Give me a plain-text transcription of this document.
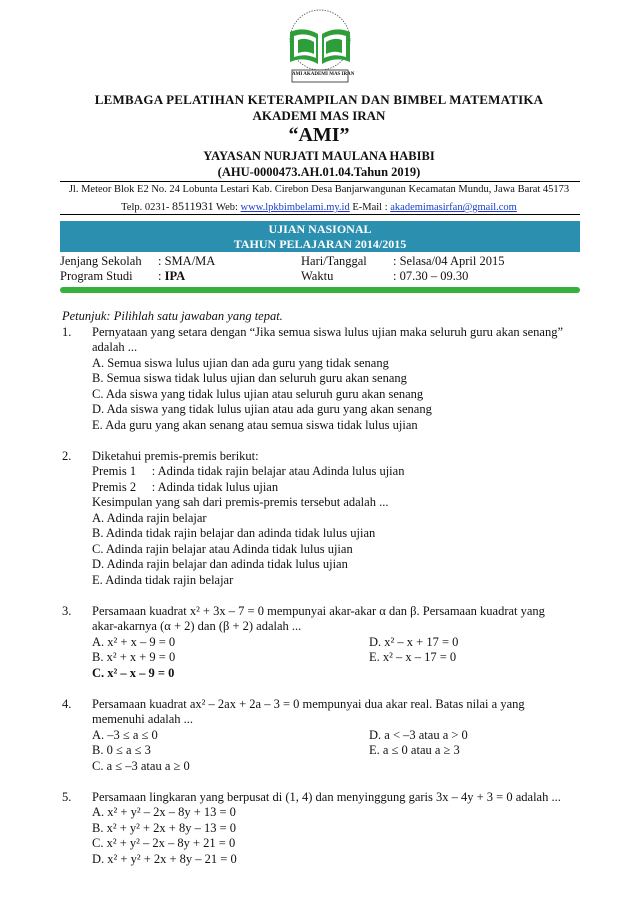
AMI AKADEMI MAS IRAN
LEMBAGA PELATIHAN KETERAMPILAN DAN BIMBEL MATEMATIKA
AKADEMI MAS IRAN
“AMI”
YAYASAN NURJATI MAULANA HABIBI
(AHU-0000473.AH.01.04.Tahun 2019)
Jl. Meteor Blok E2 No. 24 Lobunta Lestari Kab. Cirebon Desa Banjarwangunan Kecamatan Mundu, Jawa Barat 45173
Telp. 0231- 8511931 Web: www.lpkbimbelami.my.id E-Mail : akademimasirfan@gmail.com
UJIAN NASIONAL
TAHUN PELAJARAN 2014/2015
Jenjang Sekolah : SMA/MA	Hari/Tanggal : Selasa/04 April 2015
Program Studi : IPA	Waktu	: 07.30 – 09.30
Petunjuk: Pilihlah satu jawaban yang tepat.
1. Pernyataan yang setara dengan “Jika semua siswa lulus ujian maka seluruh guru akan senang”
adalah ...
A. Semua siswa lulus ujian dan ada guru yang tidak senang
B. Semua siswa tidak lulus ujian dan seluruh guru akan senang
C. Ada siswa yang tidak lulus ujian atau seluruh guru akan senang
D. Ada siswa yang tidak lulus ujian atau ada guru yang akan senang
E. Ada guru yang akan senang atau semua siswa tidak lulus ujian
2. Diketahui premis-premis berikut:
Premis 1     : Adinda tidak rajin belajar atau Adinda lulus ujian
Premis 2     : Adinda tidak lulus ujian
Kesimpulan yang sah dari premis-premis tersebut adalah ...
A. Adinda rajin belajar
B. Adinda tidak rajin belajar dan adinda tidak lulus ujian
C. Adinda rajin belajar atau Adinda tidak lulus ujian
D. Adinda rajin belajar dan adinda tidak lulus ujian
E. Adinda tidak rajin belajar
3. Persamaan kuadrat x² + 3x – 7 = 0 mempunyai akar-akar α dan β. Persamaan kuadrat yang
akar-akarnya (α + 2) dan (β + 2) adalah ...
A. x² + x – 9 = 0	D. x² – x + 17 = 0
B. x² + x + 9 = 0	E. x² – x – 17 = 0
C. x² – x – 9 = 0
4. Persamaan kuadrat ax² – 2ax + 2a – 3 = 0 mempunyai dua akar real. Batas nilai a yang
memenuhi adalah ...
A. –3 ≤ a ≤ 0	D. a < –3 atau a > 0
B. 0 ≤ a ≤ 3	E. a ≤ 0 atau a ≥ 3
C. a ≤ –3 atau a ≥ 0
5. Persamaan lingkaran yang berpusat di (1, 4) dan menyinggung garis 3x – 4y + 3 = 0 adalah ...
A. x² + y² – 2x – 8y + 13 = 0
B. x² + y² + 2x + 8y – 13 = 0
C. x² + y² – 2x – 8y + 21 = 0
D. x² + y² + 2x + 8y – 21 = 0
